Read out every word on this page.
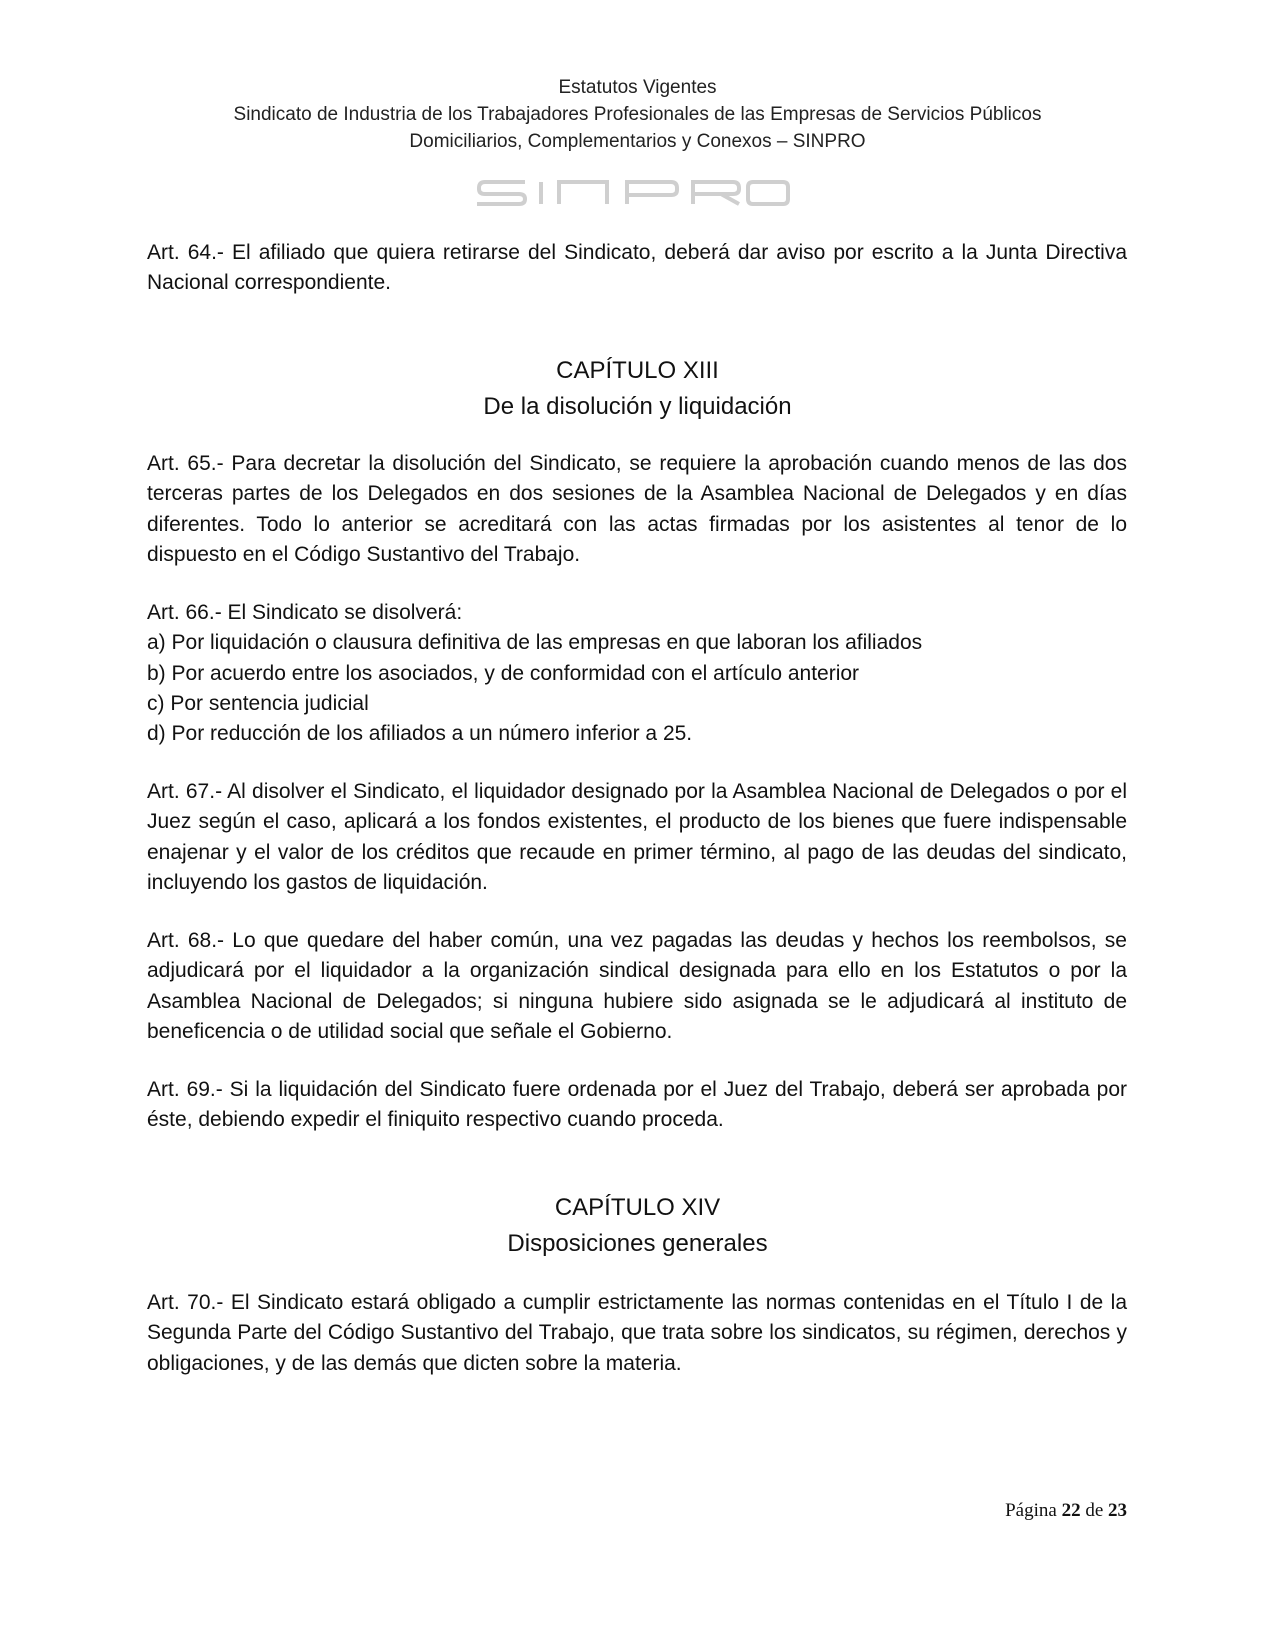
Estatutos Vigentes
Sindicato de Industria de los Trabajadores Profesionales de las Empresas de Servicios Públicos
Domiciliarios, Complementarios y Conexos – SINPRO

Art. 64.- El afiliado que quiera retirarse del Sindicato, deberá dar aviso por escrito a la Junta Directiva Nacional correspondiente.

CAPÍTULO XIII
De la disolución y liquidación

Art. 65.- Para decretar la disolución del Sindicato, se requiere la aprobación cuando menos de las dos terceras partes de los Delegados en dos sesiones de la Asamblea Nacional de Delegados y en días diferentes. Todo lo anterior se acreditará con las actas firmadas por los asistentes al tenor de lo dispuesto en el Código Sustantivo del Trabajo.

Art. 66.- El Sindicato se disolverá:

a) Por liquidación o clausura definitiva de las empresas en que laboran los afiliados
b) Por acuerdo entre los asociados, y de conformidad con el artículo anterior
c) Por sentencia judicial
d) Por reducción de los afiliados a un número inferior a 25.

Art. 67.- Al disolver el Sindicato, el liquidador designado por la Asamblea Nacional de Delegados o por el Juez según el caso, aplicará a los fondos existentes, el producto de los bienes que fuere indispensable enajenar y el valor de los créditos que recaude en primer término, al pago de las deudas del sindicato, incluyendo los gastos de liquidación.

Art. 68.- Lo que quedare del haber común, una vez pagadas las deudas y hechos los reembolsos, se adjudicará por el liquidador a la organización sindical designada para ello en los Estatutos o por la Asamblea Nacional de Delegados; si ninguna hubiere sido asignada se le adjudicará al instituto de beneficencia o de utilidad social que señale el Gobierno.

Art. 69.- Si la liquidación del Sindicato fuere ordenada por el Juez del Trabajo, deberá ser aprobada por éste, debiendo expedir el finiquito respectivo cuando proceda.

CAPÍTULO XIV
Disposiciones generales

Art. 70.- El Sindicato estará obligado a cumplir estrictamente las normas contenidas en el Título I de la Segunda Parte del Código Sustantivo del Trabajo, que trata sobre los sindicatos, su régimen, derechos y obligaciones, y de las demás que dicten sobre la materia.

Página 22 de 23
